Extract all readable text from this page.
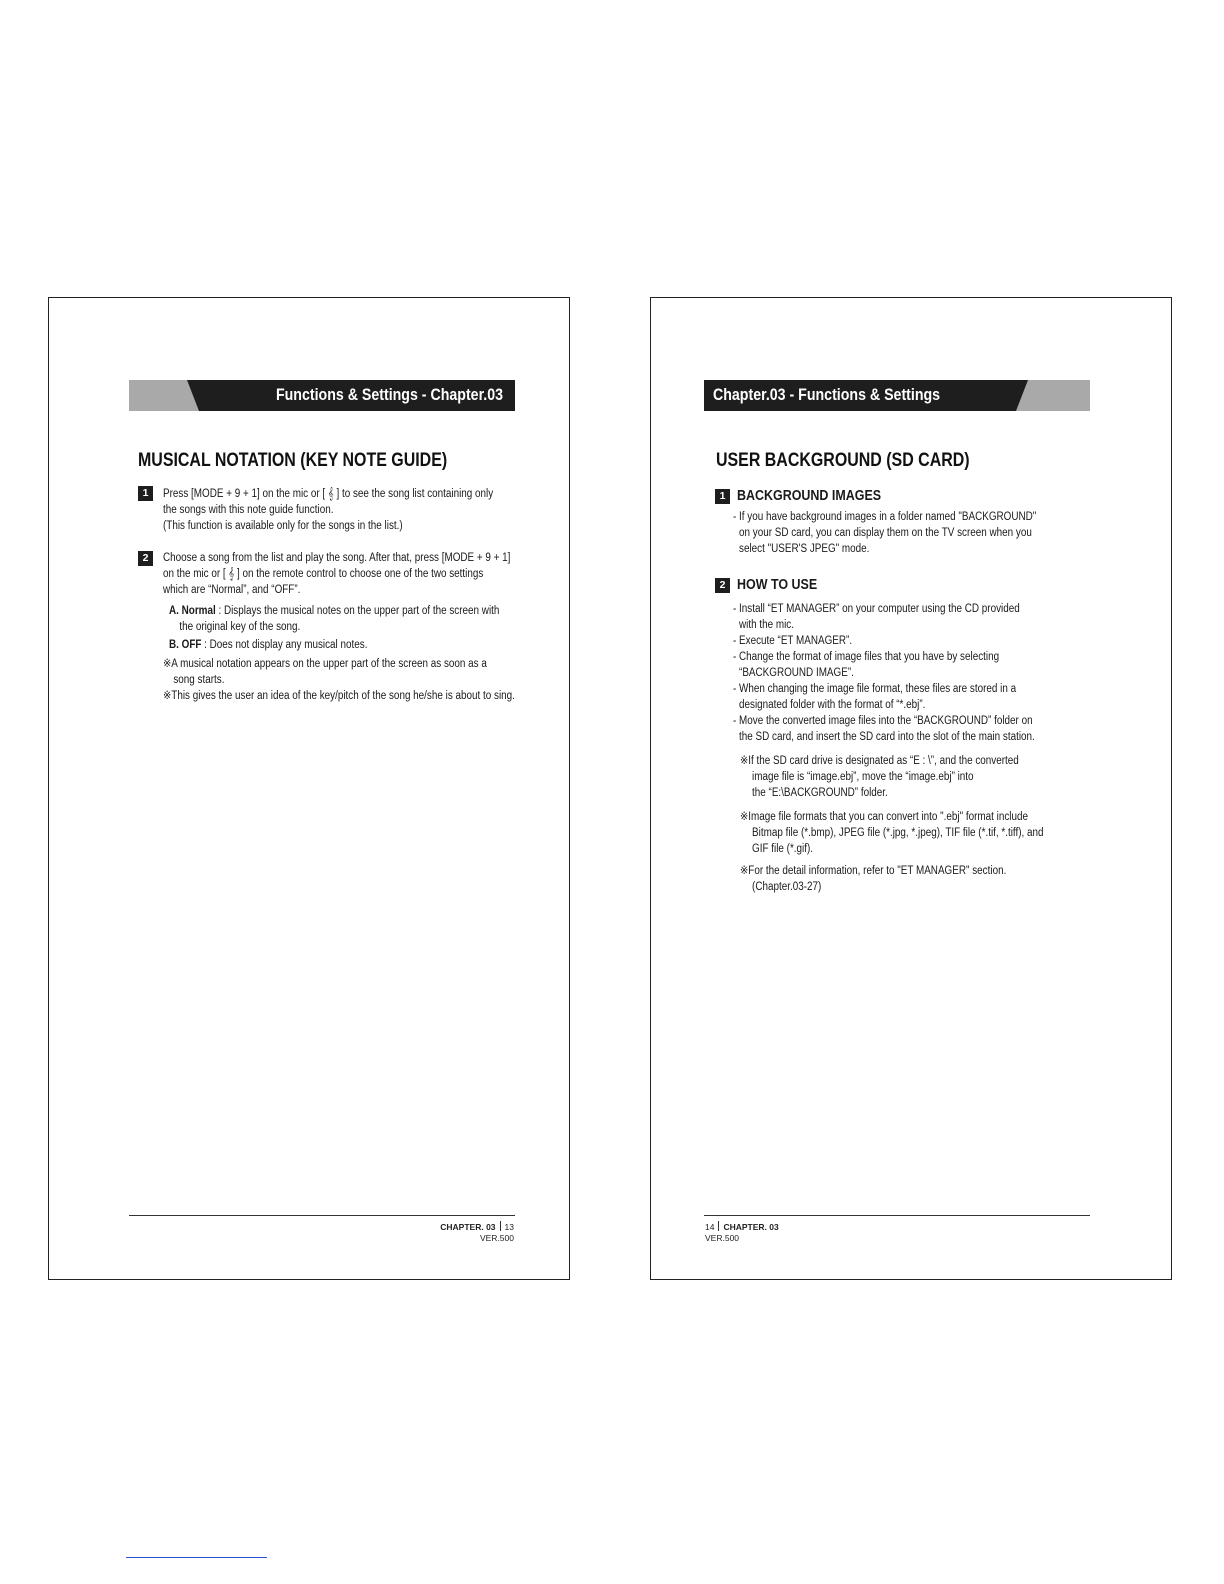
Functions & Settings - Chapter.03
MUSICAL NOTATION (KEY NOTE GUIDE)
1	Press [MODE + 9 + 1] on the mic or [ 𝄞 ] to see the song list containing only
the songs with this note guide function.
(This function is available only for the songs in the list.)
2	Choose a song from the list and play the song. After that, press [MODE + 9 + 1]
on the mic or [ 𝄞 ] on the remote control to choose one of the two settings
which are “Normal”, and “OFF”.
A. Normal : Displays the musical notes on the upper part of the screen with
the original key of the song.
B. OFF : Does not display any musical notes.
※A musical notation appears on the upper part of the screen as soon as a
song starts.
※This gives the user an idea of the key/pitch of the song he/she is about to sing.
CHAPTER. 03 13
VER.500
Chapter.03 - Functions & Settings
USER BACKGROUND (SD CARD)
1 BACKGROUND IMAGES
- If you have background images in a folder named "BACKGROUND"
on your SD card, you can display them on the TV screen when you
select "USER'S JPEG" mode.
2 HOW TO USE
- Install “ET MANAGER” on your computer using the CD provided
with the mic.
- Execute “ET MANAGER”.
- Change the format of image files that you have by selecting
“BACKGROUND IMAGE”.
- When changing the image file format, these files are stored in a
designated folder with the format of “*.ebj”.
- Move the converted image files into the “BACKGROUND” folder on
the SD card, and insert the SD card into the slot of the main station.
※If the SD card drive is designated as “E : \”, and the converted
image file is “image.ebj”, move the “image.ebj” into
the “E:\BACKGROUND” folder.
※Image file formats that you can convert into ".ebj" format include
Bitmap file (*.bmp), JPEG file (*.jpg, *.jpeg), TIF file (*.tif, *.tiff), and
GIF file (*.gif).
※For the detail information, refer to "ET MANAGER" section.
(Chapter.03-27)
14 CHAPTER. 03
VER.500
